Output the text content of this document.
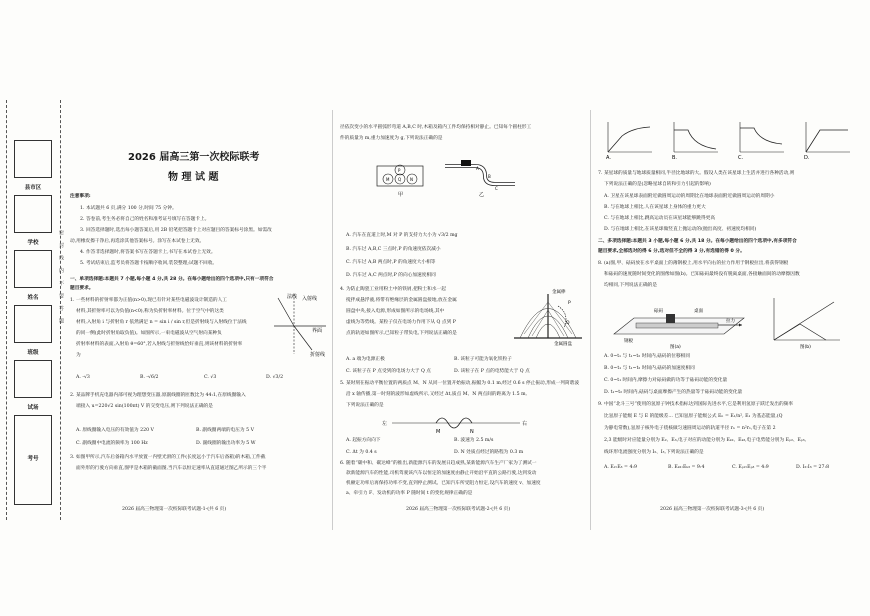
密 封 线 内 不 要 答 题
县市区
学校
姓名
班级
试场
考号
2026 届高三第一次校际联考
物 理 试 题
注意事项:
1. 本试题共 6 页,满分 100 分,时间 75 分钟。
2. 答卷前,考生务必将自己的姓名和准考证号填写在答题卡上。
3. 回答选择题时,选出每小题答案后,用 2B 铅笔把答题卡上对应题目的答案标号涂黑。如需改
动,用橡皮擦干净后,再选涂其他答案标号。涂写在本试卷上无效。
4. 作答非选择题时,将答案书写在答题卡上,书写在本试卷上无效。
5. 考试结束后,监考员将答题卡按顺序收回,装袋整理;试题不回收。
一、单项选择题:本题共 7 小题,每小题 4 分,共 28 分。在每小题给出的四个选项中,只有一项符合
题目要求。
1. 一些材料的折射率都为正值(n>0),现已有针对某些电磁波设计制造的人工
材料,其折射率可以为负值(n<0),称为负折射率材料。位于空气中的这类
材料,入射角 i 与折射角 r 依然满足 n = sin i / sin r,但是折射线与入射线位于法线
的同一侧(此时折射角取负值)。如图所示,一束电磁波从空气射向某种负
折射率材料的表面,入射角 θ=60°,若入射线与折射线恰好垂直,则该材料的折射率
为
入射线
法线
界面
折射线
A. -√3	B. -√6/2	C. √3	D. √3/2
2. 某品牌手机充电器内部可视为理想变压器,原副线圈的匝数比为 44:1,在原线圈输入
端接入 u=220√2 sin(100πt) V 的交变电压,则下列说法正确的是
A. 原线圈输入电压的有效值为 220 V	B. 副线圈两端的电压为 5 V
C. 副线圈中电流的频率为 100 Hz	D. 副线圈的输出功率为 5 W
3. 如图甲所示,汽车后备箱内水平放置一内壁光滑的工件(长度远小于汽车后备箱)的木箱,工件截
面外形的行驶方向垂直,图甲是木箱的截面图,当汽车以恒定速率从直道通过图乙所示的三个半
2026 届高三物理第一次校际联考试题-1-(共 6 页)
径依次变小的水平圆弧形弯道 A,B,C 时,木箱及箱内工件均保持相对静止。已知每个圆柱形工
件的质量为 m,重力加速度为 g,下列说法正确的是
P
Q
M	N
甲	乙
A
B
C
A. 汽车在直道上时,M 对 P 的支持力大小为 √3/2 mg
B. 汽车过 A,B,C 三点时,P 的角速度依次减小
C. 汽车过 A,B 两点时,P 的角速度大小相等
D. 汽车过 A,C 两点时,P 的向心加速度相同
4. 为防止陶瓷工业用粉土中的铁屑,把粉土和水一起
搅拌成悬浮液,将带有绝缘层的金属圆盘接地,放在金属
圆盘中央,接入电源,形成如图所示的电场线,其中
虚线为等势线。某粒子仅在电场力作用下从 Q 点到 P
点的轨迹如图所示,已知粒子带负电,下列说法正确的是
金属棒
P
Q
金属圆盘
A. a 端为电源正极	B. 该粒子可能为氧化铁粒子
C. 该粒子在 P 点受到的电场力大于 Q 点	D. 该粒子在 P 点的电势能大于 Q 点
5. 某时刻在振动平衡位置的两质点 M、N 从同一位置开始振动,振幅为 0.1 m,经过 0.6 s 停止振动,形成一列简谐波
沿 x 轴传播,第一时刻的波形如虚线所示,又经过 Δt,质点 M、N 两点间的距离为 1.5 m,
下列说法正确的是
左
M	N
右
A. 起振方向向下	B. 波速为 2.5 m/s
C. Δt 为 0.4 s	D. N 处质点经过的路程为 0.3 m
6. 随着“碳中和、碳达峰”的推出,新能源汽车的发展日趋成熟,某新能源汽车生产厂家为了测试一
款新能源汽车的性能,司机驾驶该汽车以恒定的加速度由静止开始沿平直的公路行驶,达到发动
机额定功率后再保持功率不变,直到停止测试。已知汽车所受阻力恒定,设汽车的速度 v、加速度
a、牵引力 F、发动机的功率 P 随时间 t 的变化规律正确的是
2026 届高三物理第一次校际联考试题-2-(共 6 页)
A.	B.	C.	D.
7. 某星球的质量与地球质量相同,半径比地球的大。假设人类在该星球上生活并进行各种活动,则
下列说法正确的是(忽略星球自转和引力引起的影响)
A. 卫星在该星球表面附近做圆周运动的周期比在地球表面附近做圆周运动的周期小
B. 与在地球上相比,人在该星球上身体的重力更大
C. 与在地球上相比,跳高运动员在该星球能够跳得更高
D. 与在地球上相比,在该星球做竖直上抛运动的(抛出高度、初速度均相同)
二、多项选择题:本题共 3 小题,每小题 6 分,共 18 分。在每小题给出的四个选项中,有多项符合
题目要求,全部选对的得 6 分,选对但不全的得 3 分,有选错的得 0 分。
8. (a)图,甲、砝码放在水平桌面上的薄钢板上,用水平向右的拉力作用于钢板拉出,将获得钢板
和砝码的速度随时间变化的图像如图(b)。已知砝码最终没有脱离桌面,各接触面间的动摩擦因数
均相同,下列说法正确的是
砝码	桌面
拉力
钢板
图(a)	图(b)
A. 0~t₁ 与 t₁~t₂ 时间内,砝码的位移相同
B. 0~t₁ 与 t₁~t₂ 时间内,砝码的加速度相同
C. 0~t₁ 时间内,摩擦力对砝码做的功等于砝码动能的变化量
D. t₁~t₂ 时间内,砝码与桌面摩擦产生的热量等于砝码动能的变化量
9. 中国“北斗三号”使用的氢原子钟技术指标达到国际先进水平,它是利用氢原子跃迁发出的频率
比氢原子能级 E 与 E 的能级差... 已知氢原子能级公式 Eₙ = E₁/n², E₁ 为基态能量,(Q
为静电常数),氢原子核外电子绕核做匀速圆周运动的轨道半径 rₙ = n²r₁,电子在第 2
2,3 能级时对应能量分别为 E₂、E₃,电子对应的动能分别为 Eₖ₂、Eₖ₃,电子电势能分别为 Eₚ₂、Eₚ₃,
线环形电流强度分别为 I₂、I₃,下列说法正确的是
A. E₂:E₃ = 4:9	B. Eₖ₂:Eₖ₃ = 9:4	C. Eₚ₂:Eₚ₃ = 4:9	D. I₂:I₃ = 27:8
2026 届高三物理第一次校际联考试题-3-(共 6 页)
